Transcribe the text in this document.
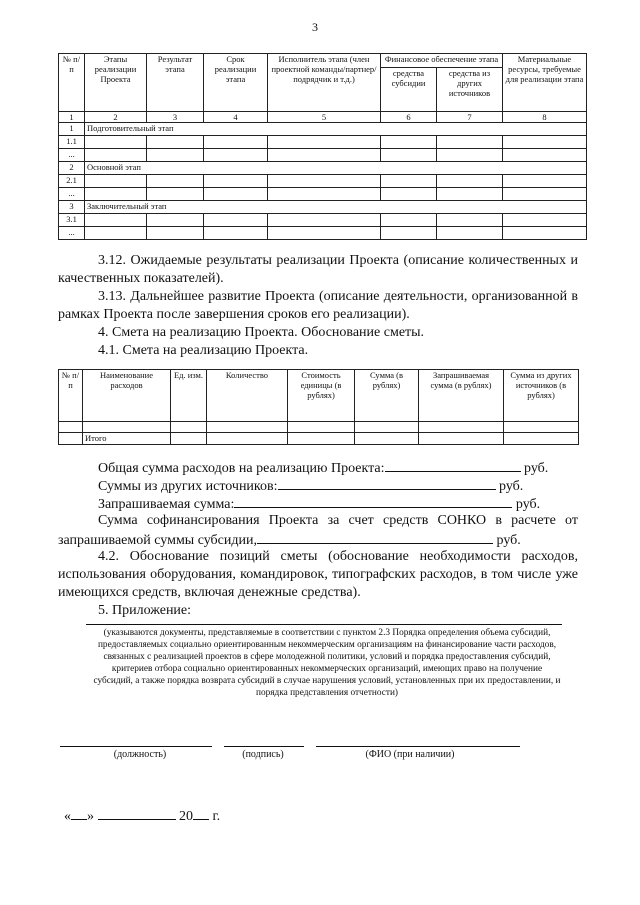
3
№ п/п	Этапы реализации Проекта	Результат этапа	Срок реализации этапа	Исполнитель этапа (член проектной команды/партнер/ подрядчик и т.д.)	Финансовое обеспечение этапа		Материальные ресурсы, требуемые для реализации этапа
					средства субсидии	средства из других источников	
1	2	3	4	5	6	7	8
1	Подготовительный этап						
1.1							
...							
2	Основной этап						
2.1							
...							
3	Заключительный этап						
3.1							
...							
3.12. Ожидаемые результаты реализации Проекта (описание количественных и качественных показателей).
3.13. Дальнейшее развитие Проекта (описание деятельности, организованной в рамках Проекта после завершения сроков его реализации).
4. Смета на реализацию Проекта. Обоснование сметы.
4.1. Смета на реализацию Проекта.
№ п/п	Наименование расходов	Ед. изм.	Количество	Стоимость единицы (в рублях)	Сумма (в рублях)	Запрашиваемая сумма (в рублях)	Сумма из других источников (в рублях)

	Итого						
Общая сумма расходов на реализацию Проекта:	руб.
Суммы из других источников:	руб.
Запрашиваемая сумма:	руб.
Сумма софинансирования Проекта за счет средств СОНКО в расчете от запрашиваемой суммы субсидии,	руб.
4.2. Обоснование позиций сметы (обоснование необходимости расходов, использования оборудования, командировок, типографских расходов, в том числе уже имеющихся средств, включая денежные средства).
5. Приложение:
(указываются документы, представляемые в соответствии с пунктом 2.3 Порядка определения объема субсидий, предоставляемых социально ориентированным некоммерческим организациям на финансирование части расходов, связанных с реализацией проектов в сфере молодежной политики, условий и порядка предоставления субсидий, критериев отбора социально ориентированных некоммерческих организаций, имеющих право на получение субсидий, а также порядка возврата субсидий в случае нарушения условий, установленных при их предоставлении, и порядка представления отчетности)
(должность)	(подпись)	(ФИО (при наличии)
« »	20 г.
